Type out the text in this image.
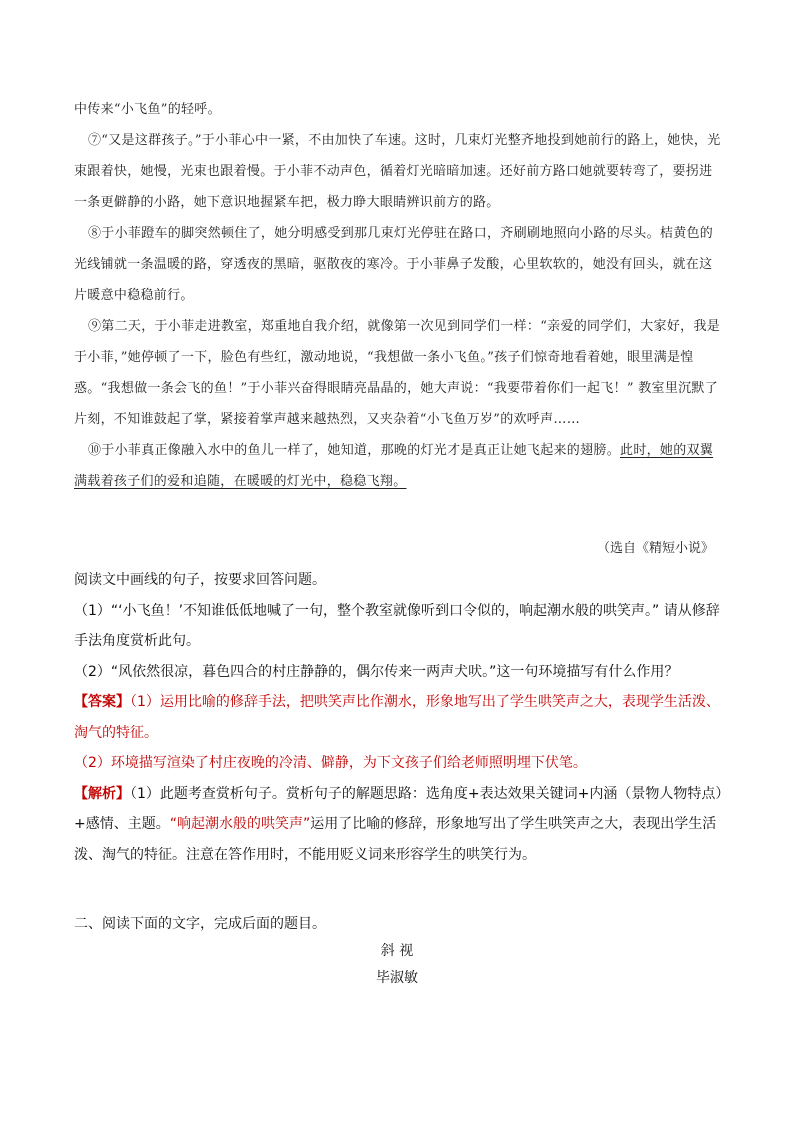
中传来“小飞鱼”的轻呼。

⑦“又是这群孩子。”于小菲心中一紧，不由加快了车速。这时，几束灯光整齐地投到她前行的路上，她快，光束跟着快，她慢，光束也跟着慢。于小菲不动声色，循着灯光暗暗加速。还好前方路口她就要转弯了，要拐进一条更僻静的小路，她下意识地握紧车把，极力睁大眼睛辨识前方的路。

⑧于小菲蹬车的脚突然顿住了，她分明感受到那几束灯光停驻在路口，齐刷刷地照向小路的尽头。桔黄色的光线铺就一条温暖的路，穿透夜的黑暗，驱散夜的寒冷。于小菲鼻子发酸，心里软软的，她没有回头，就在这片暖意中稳稳前行。

⑨第二天，于小菲走进教室，郑重地自我介绍，就像第一次见到同学们一样：“亲爱的同学们，大家好，我是于小菲，”她停顿了一下，脸色有些红，激动地说，“我想做一条小飞鱼。”孩子们惊奇地看着她，眼里满是惶惑。“我想做一条会飞的鱼！”于小菲兴奋得眼睛亮晶晶的，她大声说：“我要带着你们一起飞！” 教室里沉默了片刻，不知谁鼓起了掌，紧接着掌声越来越热烈，又夹杂着“小飞鱼万岁”的欢呼声……

⑩于小菲真正像融入水中的鱼儿一样了，她知道，那晚的灯光才是真正让她飞起来的翅膀。此时，她的双翼满载着孩子们的爱和追随，在暖暖的灯光中，稳稳飞翔。

（选自《精短小说》

阅读文中画线的句子，按要求回答问题。

（1）“‘小飞鱼！’不知谁低低地喊了一句，整个教室就像听到口令似的，响起潮水般的哄笑声。” 请从修辞手法角度赏析此句。

（2）“风依然很凉，暮色四合的村庄静静的，偶尔传来一两声犬吠。”这一句环境描写有什么作用？

【答案】（1）运用比喻的修辞手法，把哄笑声比作潮水，形象地写出了学生哄笑声之大，表现学生活泼、淘气的特征。

（2）环境描写渲染了村庄夜晚的冷清、僻静，为下文孩子们给老师照明埋下伏笔。

【解析】（1）此题考查赏析句子。赏析句子的解题思路：选角度+表达效果关键词+内涵（景物人物特点）+感情、主题。“响起潮水般的哄笑声”运用了比喻的修辞，形象地写出了学生哄笑声之大，表现出学生活泼、淘气的特征。注意在答作用时，不能用贬义词来形容学生的哄笑行为。

二、阅读下面的文字，完成后面的题目。
斜 视
毕淑敏
